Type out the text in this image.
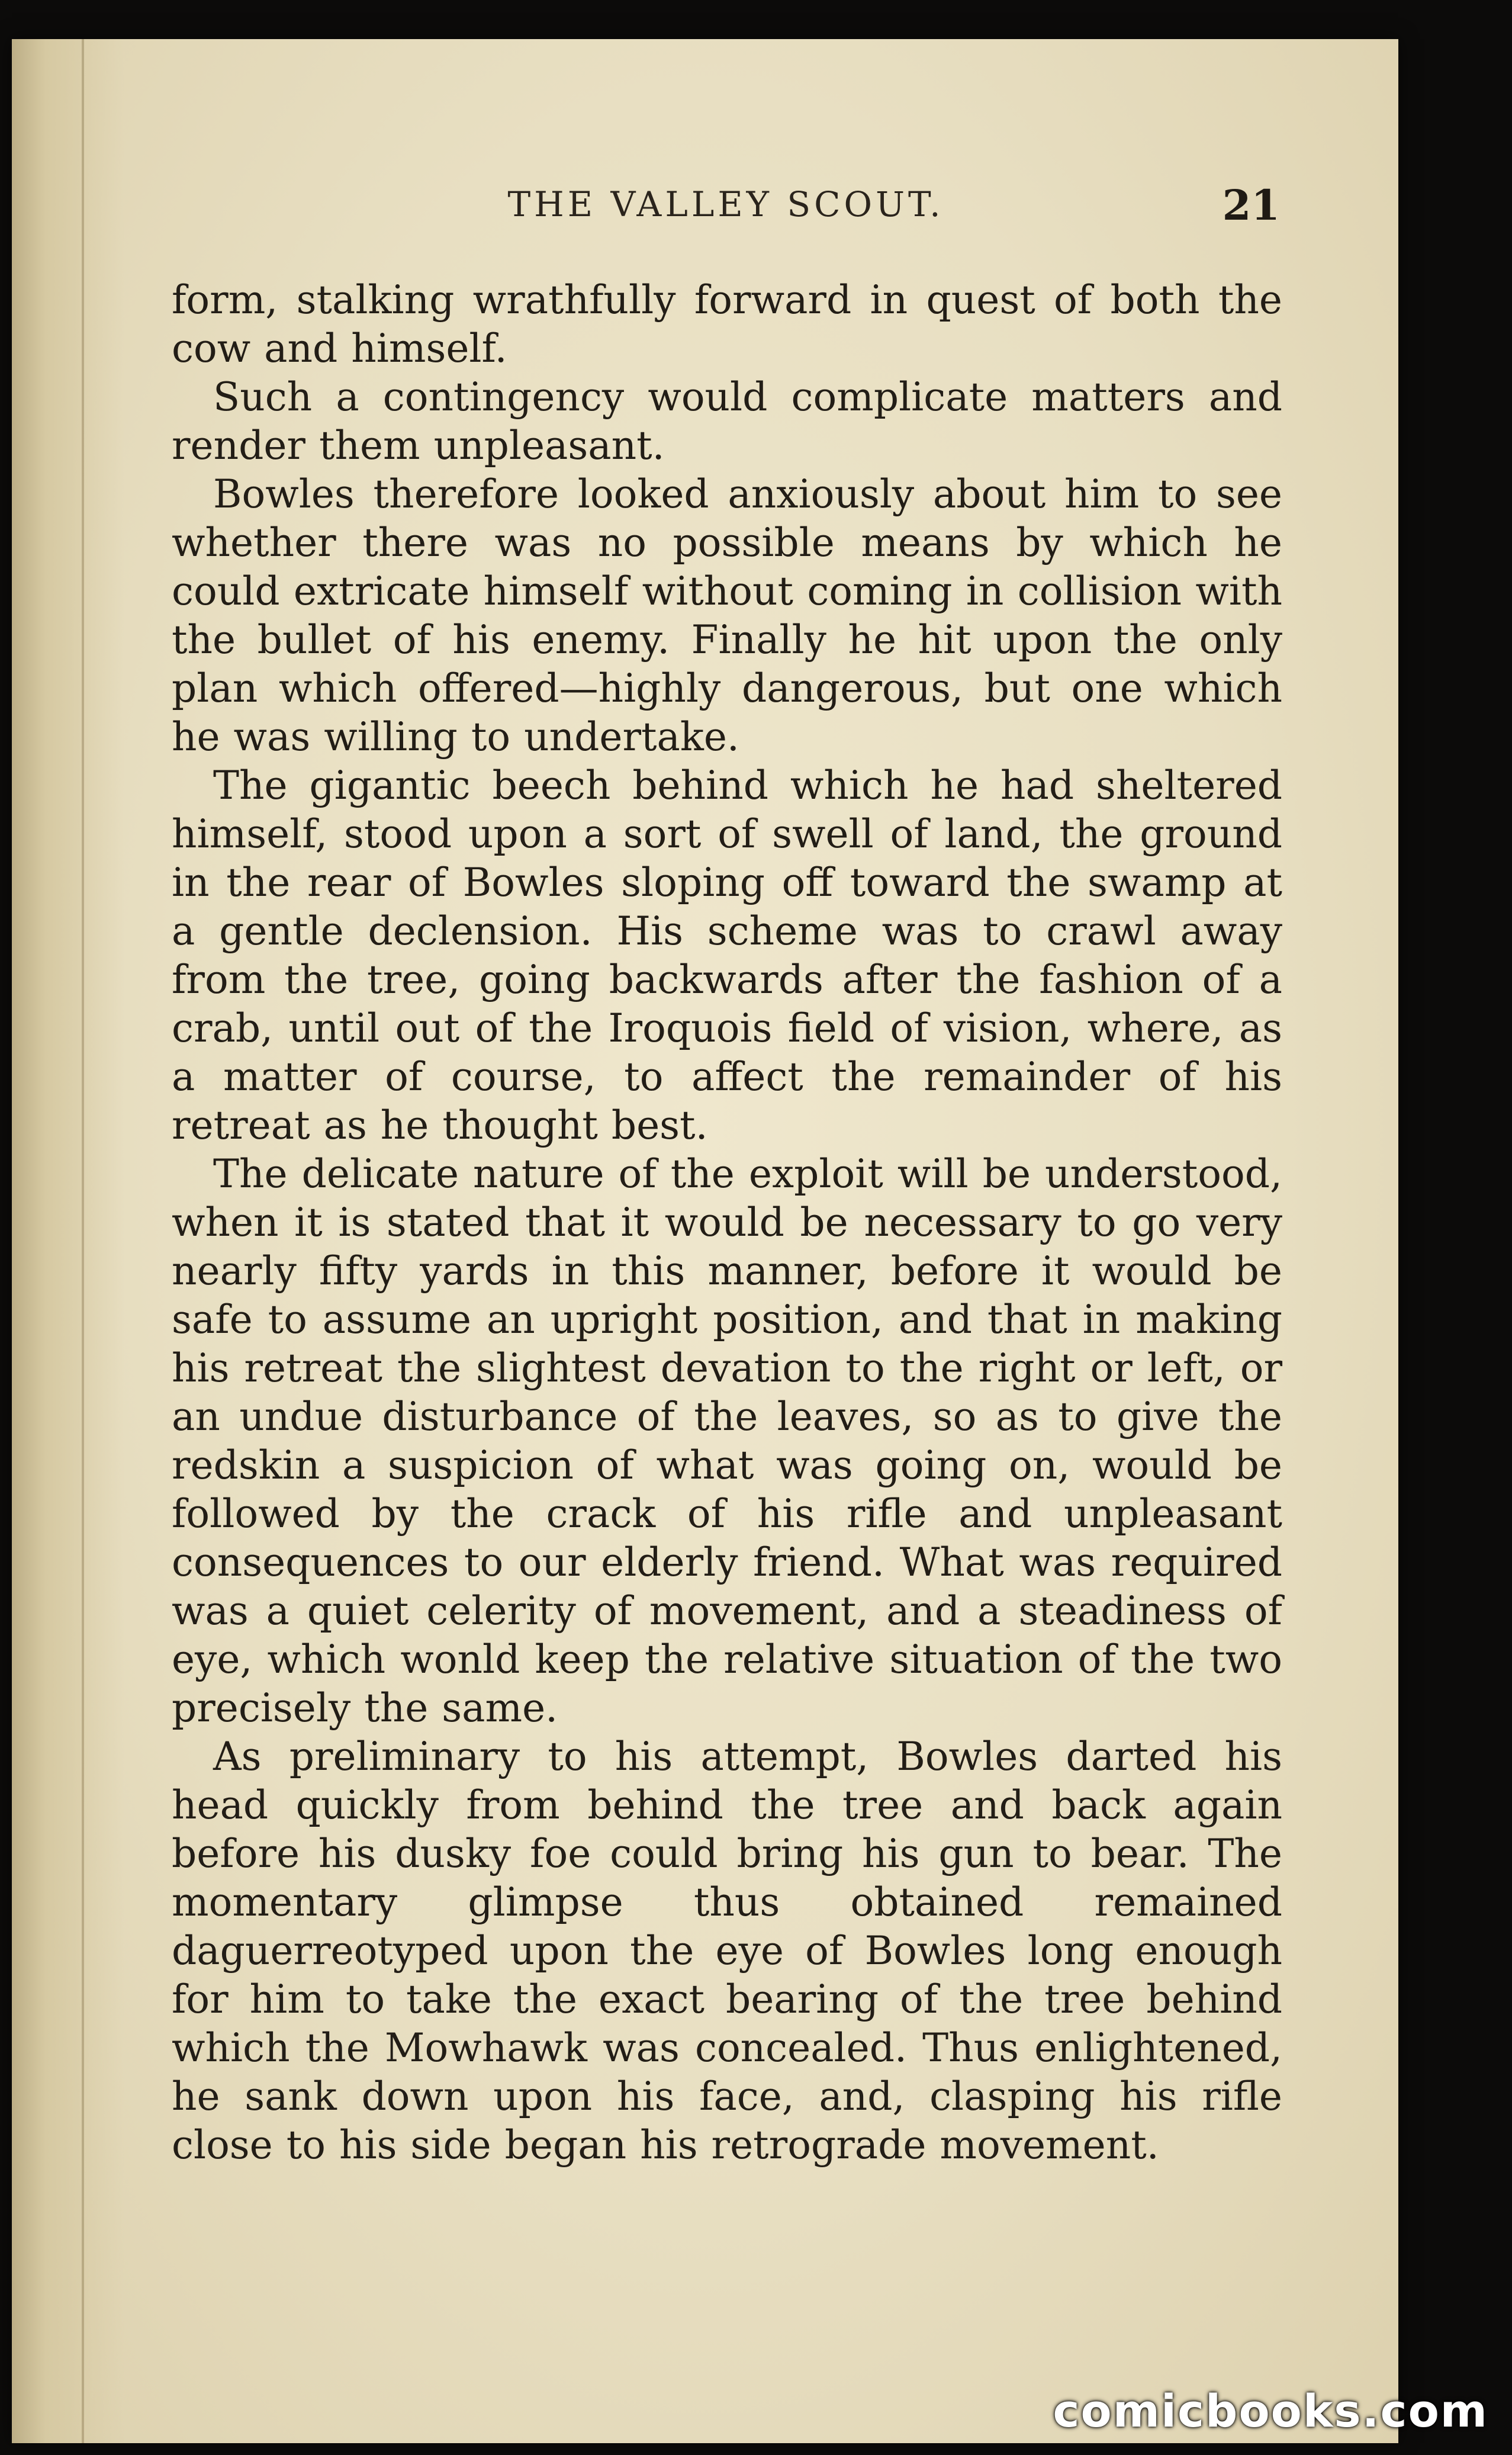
THE VALLEY SCOUT.	21

form, stalking wrathfully forward in quest of both the cow and himself.

Such a contingency would complicate matters and render them unpleasant.

Bowles therefore looked anxiously about him to see whether there was no possible means by which he could extricate himself without coming in collision with the bullet of his enemy. Finally he hit upon the only plan which offered—highly dangerous, but one which he was willing to undertake.

The gigantic beech behind which he had sheltered himself, stood upon a sort of swell of land, the ground in the rear of Bowles sloping off toward the swamp at a gentle declension. His scheme was to crawl away from the tree, going backwards after the fashion of a crab, until out of the Iroquois field of vision, where, as a matter of course, to affect the remainder of his retreat as he thought best.

The delicate nature of the exploit will be understood, when it is stated that it would be necessary to go very nearly fifty yards in this manner, before it would be safe to assume an upright position, and that in making his retreat the slightest devation to the right or left, or an undue disturbance of the leaves, so as to give the redskin a suspicion of what was going on, would be followed by the crack of his rifle and unpleasant consequences to our elderly friend. What was required was a quiet celerity of movement, and a steadiness of eye, which wonld keep the relative situation of the two precisely the same.

As preliminary to his attempt, Bowles darted his head quickly from behind the tree and back again before his dusky foe could bring his gun to bear. The momentary glimpse thus obtained remained daguerreotyped upon the eye of Bowles long enough for him to take the exact bearing of the tree behind which the Mowhawk was concealed. Thus enlightened, he sank down upon his face, and, clasping his rifle close to his side began his retrograde movement.

comicbooks.com
